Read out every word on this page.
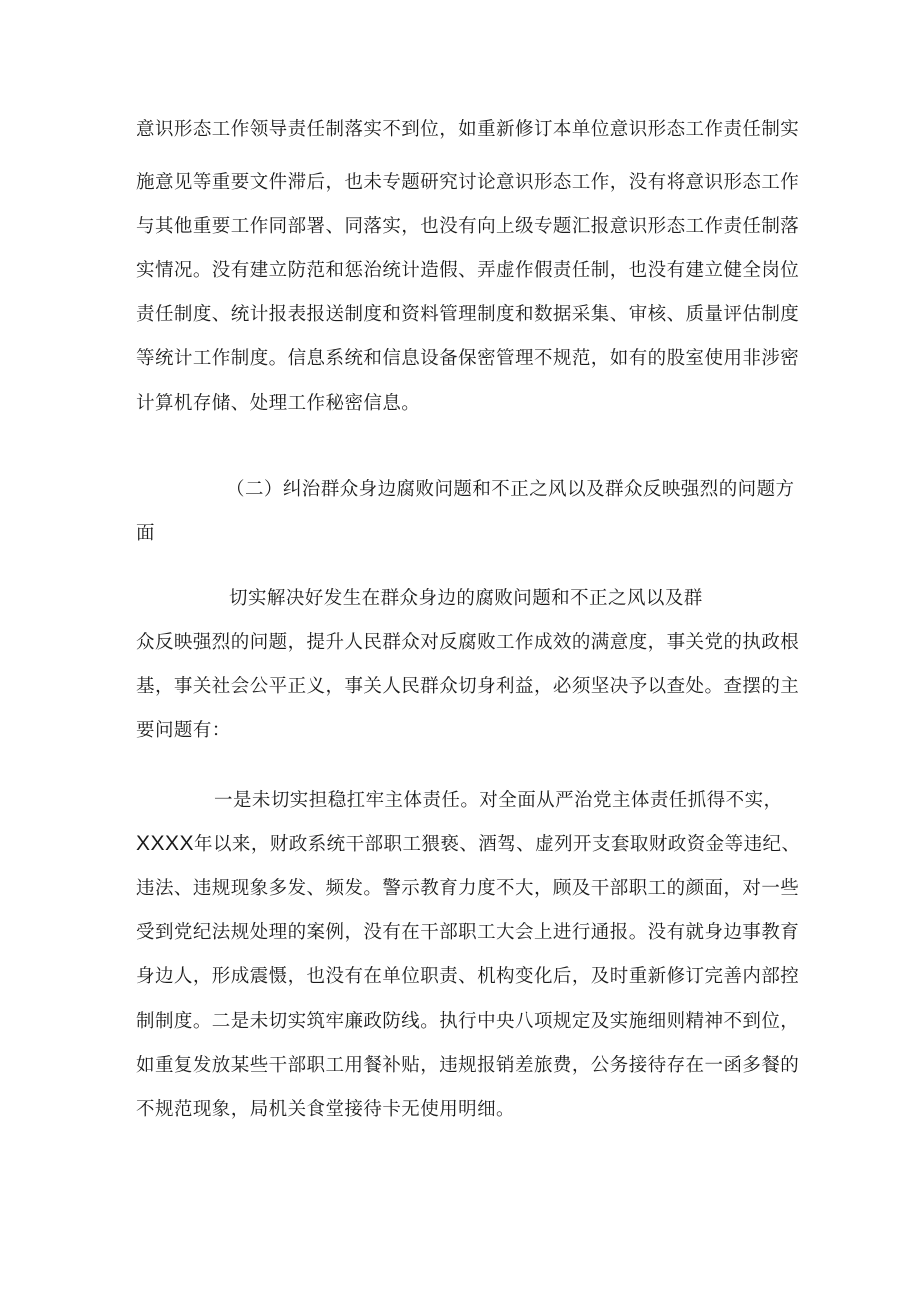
意识形态工作领导责任制落实不到位，如重新修订本单位意识形态工作责任制实
施意见等重要文件滞后，也未专题研究讨论意识形态工作，没有将意识形态工作
与其他重要工作同部署、同落实，也没有向上级专题汇报意识形态工作责任制落
实情况。没有建立防范和惩治统计造假、弄虚作假责任制，也没有建立健全岗位
责任制度、统计报表报送制度和资料管理制度和数据采集、审核、质量评估制度
等统计工作制度。信息系统和信息设备保密管理不规范，如有的股室使用非涉密
计算机存储、处理工作秘密信息。
（二）纠治群众身边腐败问题和不正之风以及群众反映强烈的问题方
面
切实解决好发生在群众身边的腐败问题和不正之风以及群
众反映强烈的问题，提升人民群众对反腐败工作成效的满意度，事关党的执政根
基，事关社会公平正义，事关人民群众切身利益，必须坚决予以查处。查摆的主
要问题有：
一是未切实担稳扛牢主体责任。对全面从严治党主体责任抓得不实，
XXXX年以来，财政系统干部职工猥亵、酒驾、虚列开支套取财政资金等违纪、
违法、违规现象多发、频发。警示教育力度不大，顾及干部职工的颜面，对一些
受到党纪法规处理的案例，没有在干部职工大会上进行通报。没有就身边事教育
身边人，形成震慑，也没有在单位职责、机构变化后，及时重新修订完善内部控
制制度。二是未切实筑牢廉政防线。执行中央八项规定及实施细则精神不到位，
如重复发放某些干部职工用餐补贴，违规报销差旅费，公务接待存在一函多餐的
不规范现象，局机关食堂接待卡无使用明细。
